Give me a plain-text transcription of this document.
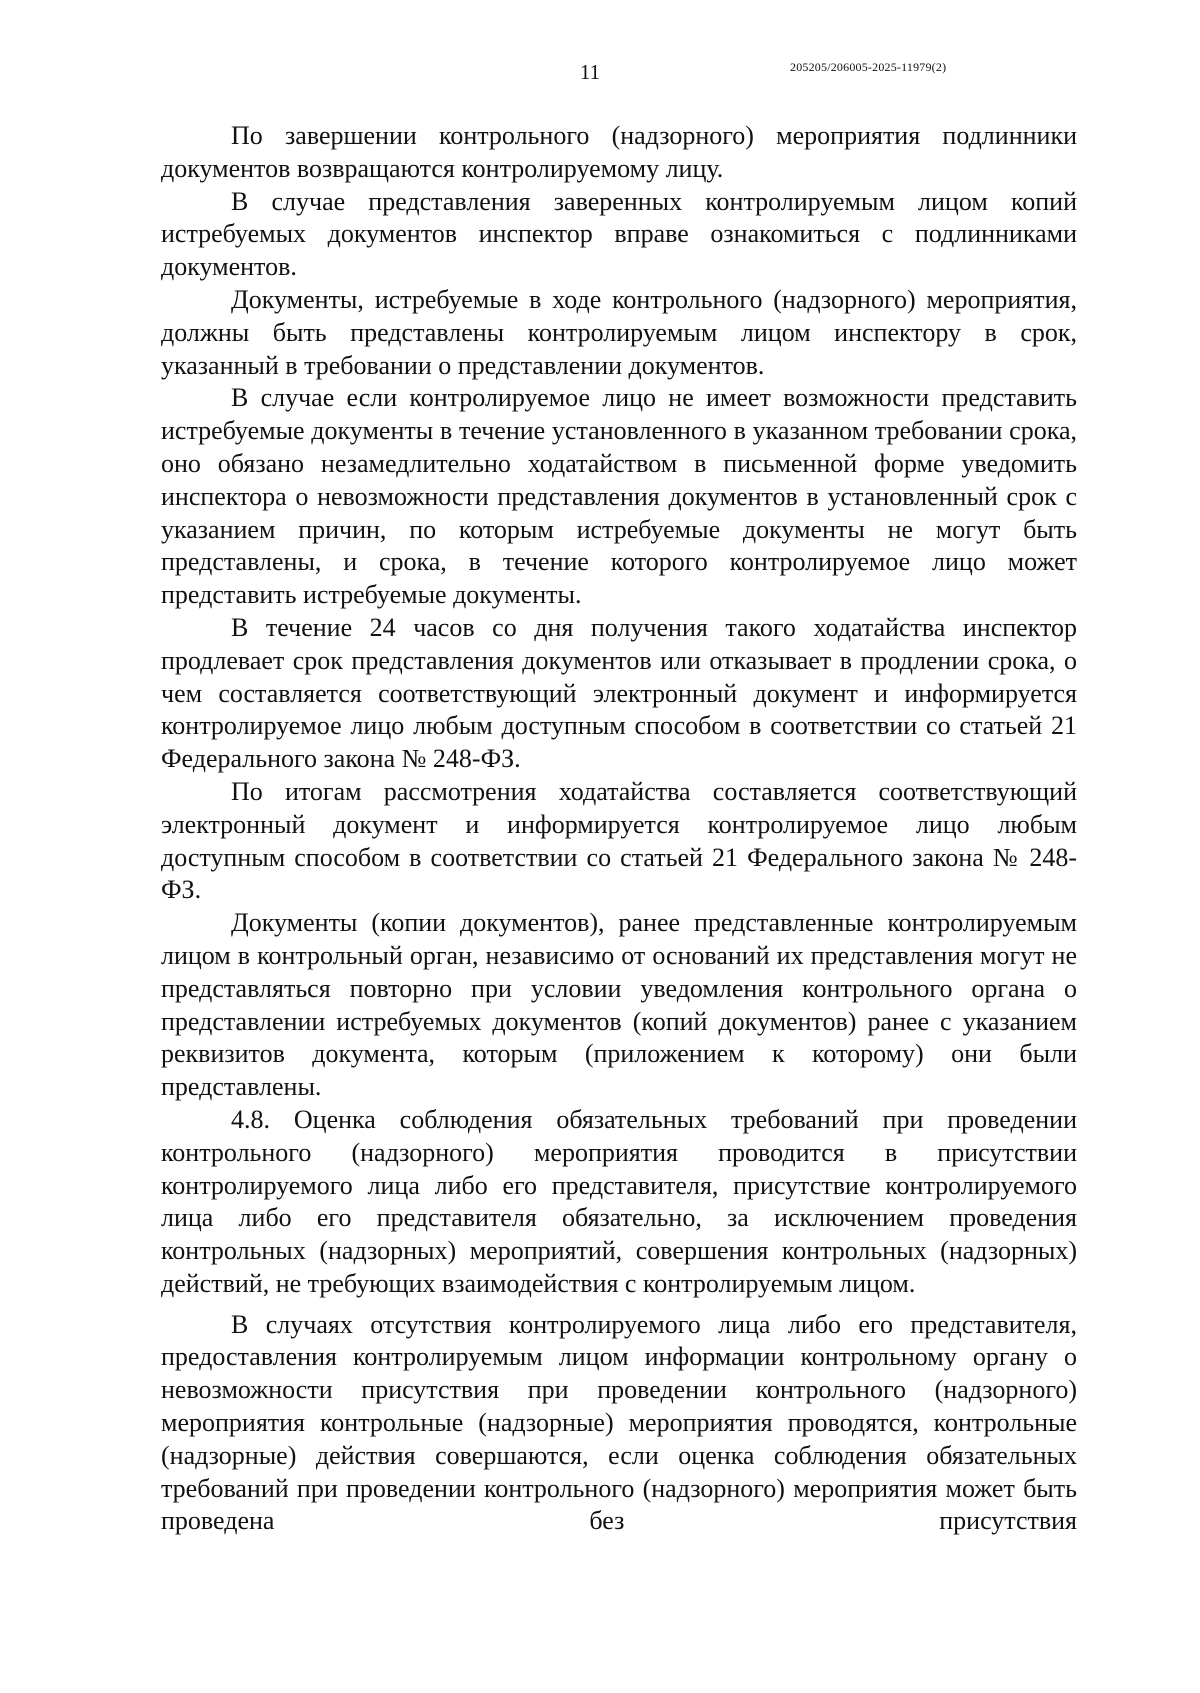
11	205205/206005-2025-11979(2)

По завершении контрольного (надзорного) мероприятия подлинники документов возвращаются контролируемому лицу.

В случае представления заверенных контролируемым лицом копий истребуемых документов инспектор вправе ознакомиться с подлинниками документов.

Документы, истребуемые в ходе контрольного (надзорного) мероприятия, должны быть представлены контролируемым лицом инспектору в срок, указанный в требовании о представлении документов.

В случае если контролируемое лицо не имеет возможности представить истребуемые документы в течение установленного в указанном требовании срока, оно обязано незамедлительно ходатайством в письменной форме уведомить инспектора о невозможности представления документов в установленный срок с указанием причин, по которым истребуемые документы не могут быть представлены, и срока, в течение которого контролируемое лицо может представить истребуемые документы.

В течение 24 часов со дня получения такого ходатайства инспектор продлевает срок представления документов или отказывает в продлении срока, о чем составляется соответствующий электронный документ и информируется контролируемое лицо любым доступным способом в соответствии со статьей 21 Федерального закона № 248-ФЗ.

По итогам рассмотрения ходатайства составляется соответствующий электронный документ и информируется контролируемое лицо любым доступным способом в соответствии со статьей 21 Федерального закона № 248-ФЗ.

Документы (копии документов), ранее представленные контролируемым лицом в контрольный орган, независимо от оснований их представления могут не представляться повторно при условии уведомления контрольного органа о представлении истребуемых документов (копий документов) ранее с указанием реквизитов документа, которым (приложением к которому) они были представлены.

4.8. Оценка соблюдения обязательных требований при проведении контрольного (надзорного) мероприятия проводится в присутствии контролируемого лица либо его представителя, присутствие контролируемого лица либо его представителя обязательно, за исключением проведения контрольных (надзорных) мероприятий, совершения контрольных (надзорных) действий, не требующих взаимодействия с контролируемым лицом.

В случаях отсутствия контролируемого лица либо его представителя, предоставления контролируемым лицом информации контрольному органу о невозможности присутствия при проведении контрольного (надзорного) мероприятия контрольные (надзорные) мероприятия проводятся, контрольные (надзорные) действия совершаются, если оценка соблюдения обязательных требований при проведении контрольного (надзорного) мероприятия может быть проведена без присутствия
